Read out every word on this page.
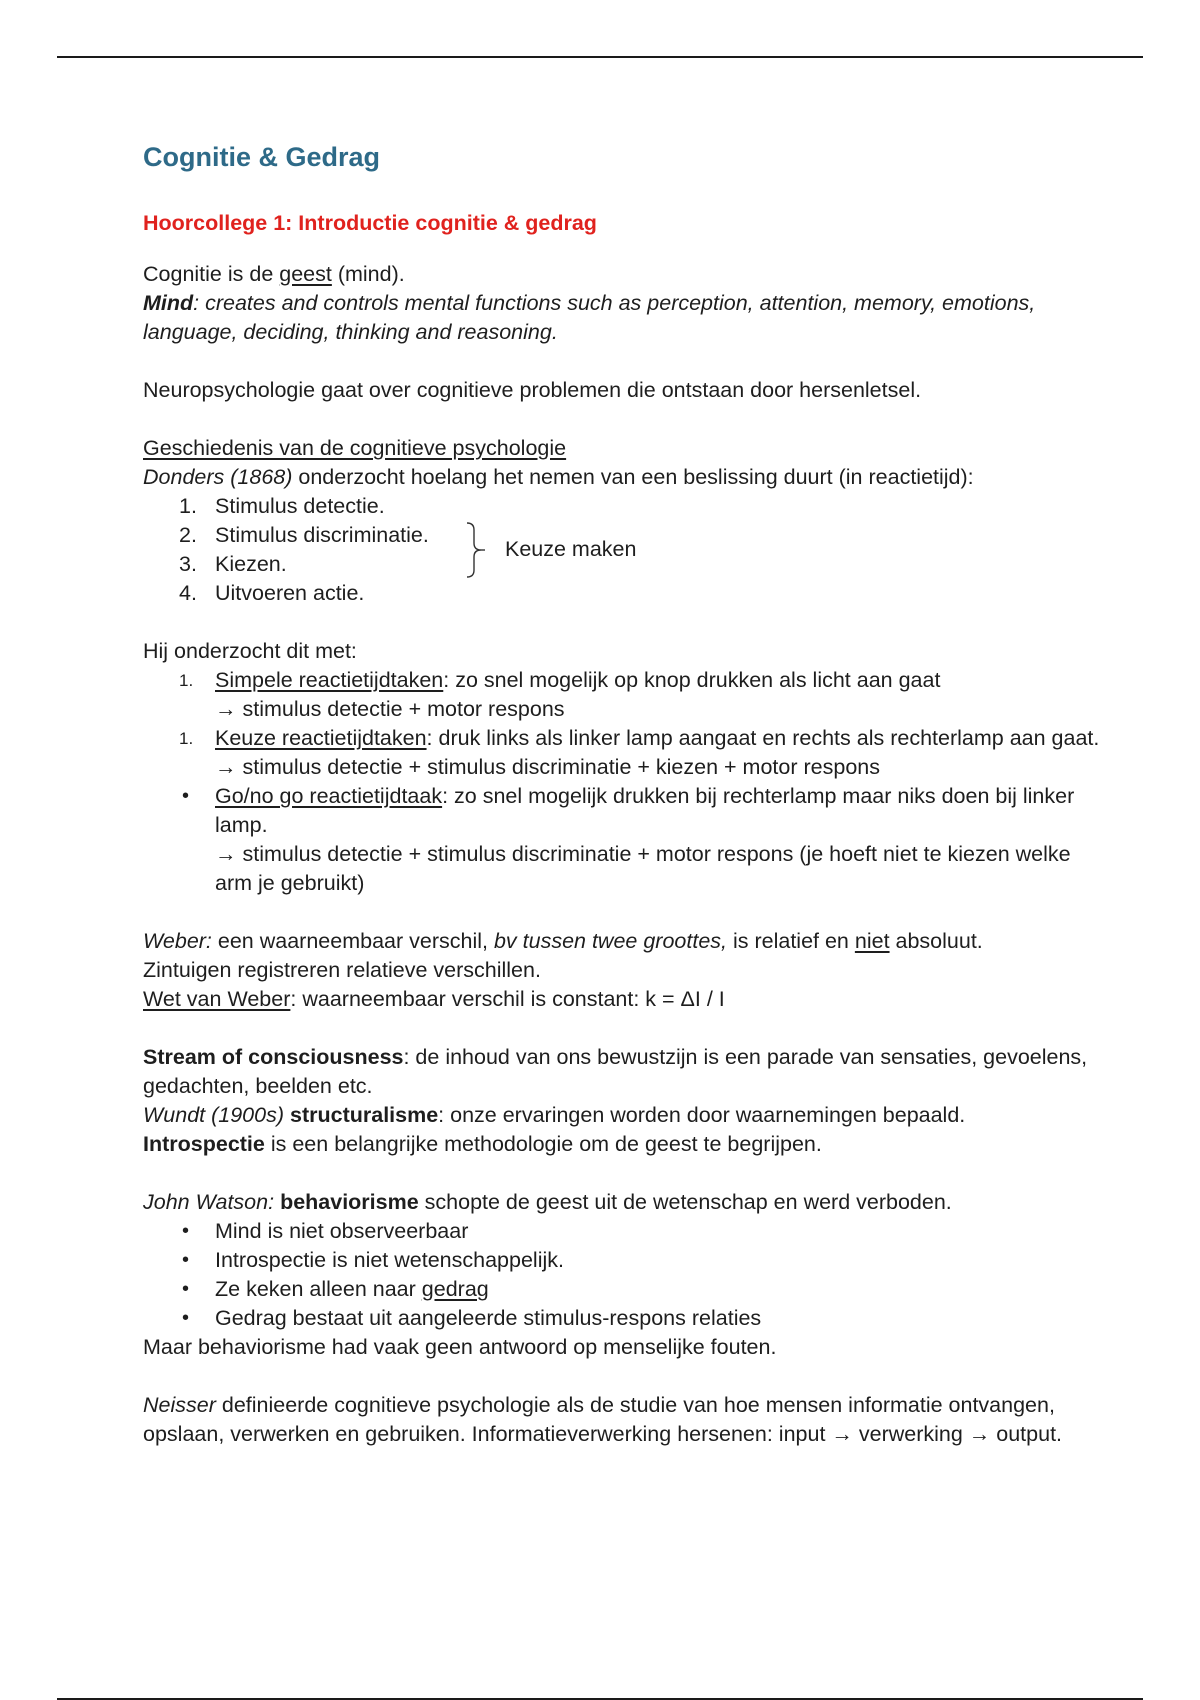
Cognitie & Gedrag
Hoorcollege 1: Introductie cognitie & gedrag

Cognitie is de geest (mind).

Mind: creates and controls mental functions such as perception, attention, memory, emotions, language, deciding, thinking and reasoning.

Neuropsychologie gaat over cognitieve problemen die ontstaan door hersenletsel.

Geschiedenis van de cognitieve psychologie

Donders (1868) onderzocht hoelang het nemen van een beslissing duurt (in reactietijd):

1. Stimulus detectie.
2. Stimulus discriminatie.
3. Kiezen.
4. Uitvoeren actie.
Keuze maken

Hij onderzocht dit met:

1.	Simpele reactietijdtaken: zo snel mogelijk op knop drukken als licht aan gaat
→ stimulus detectie + motor respons
1.	Keuze reactietijdtaken: druk links als linker lamp aangaat en rechts als rechterlamp aan gaat.
→ stimulus detectie + stimulus discriminatie + kiezen + motor respons
• Go/no go reactietijdtaak: zo snel mogelijk drukken bij rechterlamp maar niks doen bij linker lamp.
→ stimulus detectie + stimulus discriminatie + motor respons (je hoeft niet te kiezen welke arm je gebruikt)

Weber: een waarneembaar verschil, bv tussen twee groottes, is relatief en niet absoluut.

Zintuigen registreren relatieve verschillen.

Wet van Weber: waarneembaar verschil is constant: k = ΔI / I

Stream of consciousness: de inhoud van ons bewustzijn is een parade van sensaties, gevoelens, gedachten, beelden etc.

Wundt (1900s) structuralisme: onze ervaringen worden door waarnemingen bepaald.

Introspectie is een belangrijke methodologie om de geest te begrijpen.

John Watson: behaviorisme schopte de geest uit de wetenschap en werd verboden.

• Mind is niet observeerbaar
• Introspectie is niet wetenschappelijk.
• Ze keken alleen naar gedrag
• Gedrag bestaat uit aangeleerde stimulus-respons relaties

Maar behaviorisme had vaak geen antwoord op menselijke fouten.

Neisser definieerde cognitieve psychologie als de studie van hoe mensen informatie ontvangen, opslaan, verwerken en gebruiken. Informatieverwerking hersenen: input → verwerking → output.
